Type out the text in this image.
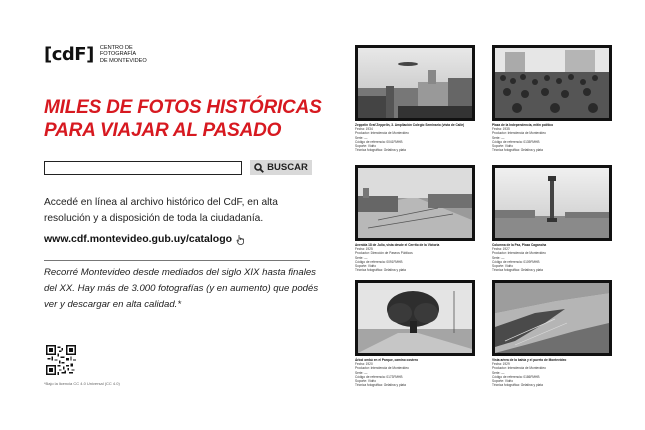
[cdF] CENTRO DE
FOTOGRAFÍA
DE MONTEVIDEO
MILES DE FOTOS HISTÓRICAS
PARA VIAJAR AL PASADO
BUSCAR
Accedé en línea al archivo histórico del CdF, en alta resolución y a disposición de toda la ciudadanía.
www.cdf.montevideo.gub.uy/catalogo
Recorré Montevideo desde mediados del siglo XIX hasta finales del XX. Hay más de 3.000 fotografías (y en aumento) que podés ver y descargar en alta calidad.*
*Bajo la licencia CC 4.0 Universal (CC 4.0)
Zeppelín Graf Zeppelin, 3. Ampliación Colegio Seminario (vista de Calle)
Fecha: 1934
Productor: Intendencia de Montevideo
Serie: —
Código de referencia: 0041FMHB
Soporte: Vidrio
Técnica fotográfica: Gelatina y plata
Plaza de la Independencia, mitin político
Fecha: 1935
Productor: Intendencia de Montevideo
Serie: —
Código de referencia: 0135FMHB
Soporte: Vidrio
Técnica fotográfica: Gelatina y plata
Avenida 18 de Julio, vista desde el Cerrito de la Victoria
Fecha: 1925
Productor: Dirección de Paseos Públicos
Serie: —
Código de referencia: 0091FMHB
Soporte: Vidrio
Técnica fotográfica: Gelatina y plata
Columna de la Paz, Plaza Cagancha
Fecha: 1927
Productor: Intendencia de Montevideo
Serie: —
Código de referencia: 0109FMHB
Soporte: Vidrio
Técnica fotográfica: Gelatina y plata
Árbol ombú en el Parque, camino costero
Fecha: 1920
Productor: Intendencia de Montevideo
Serie: —
Código de referencia: 0173FMHB
Soporte: Vidrio
Técnica fotográfica: Gelatina y plata
Vista aérea de la bahía y el puerto de Montevideo
Fecha: 1929
Productor: Intendencia de Montevideo
Serie: —
Código de referencia: 0186FMHB
Soporte: Vidrio
Técnica fotográfica: Gelatina y plata
